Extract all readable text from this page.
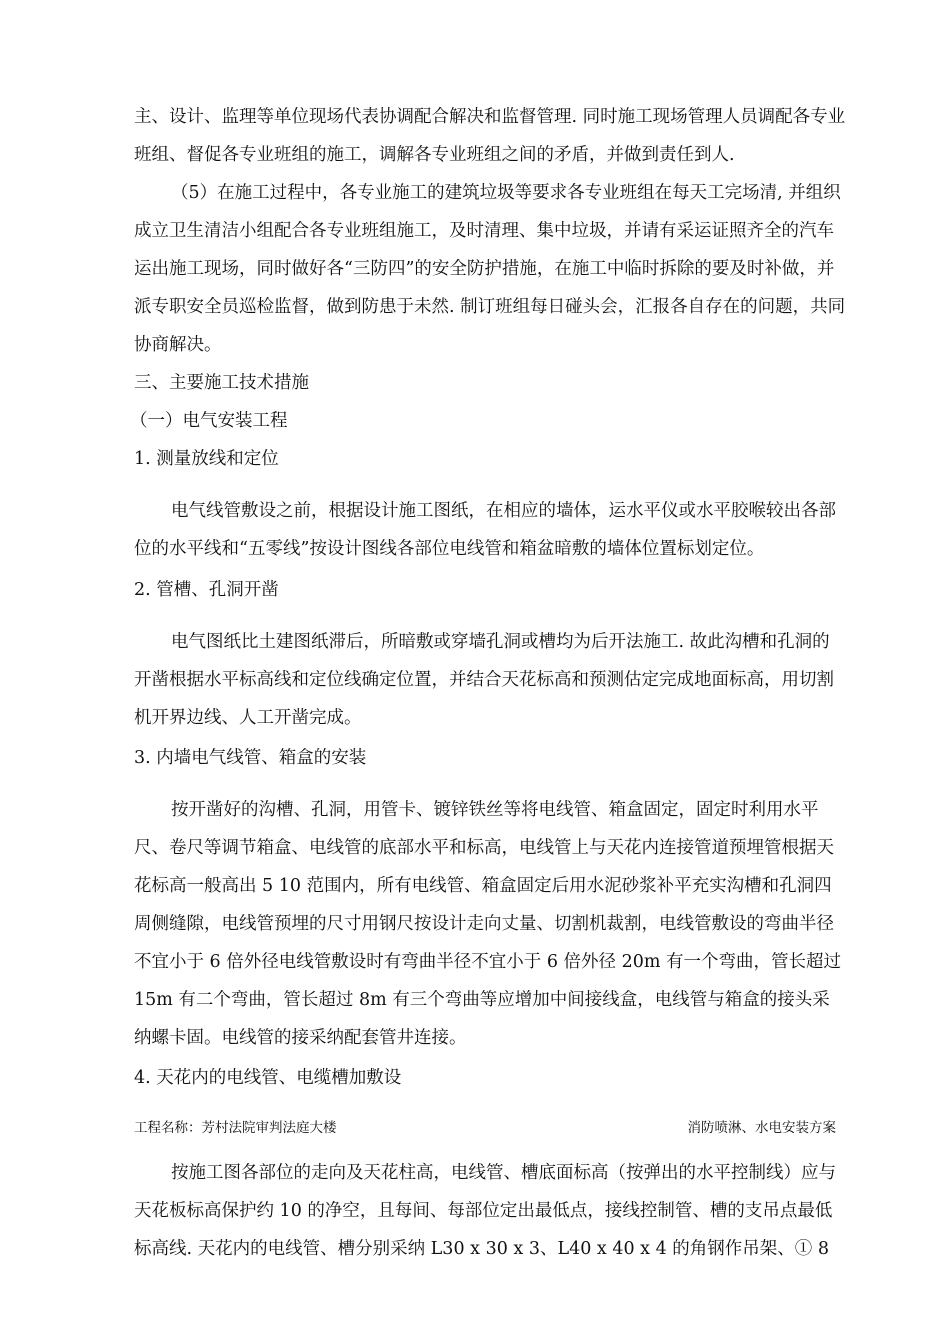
主、设计、监理等单位现场代表协调配合解决和监督管理. 同时施工现场管理人员调配各专业班组、督促各专业班组的施工，调解各专业班组之间的矛盾，并做到责任到人.

（5）在施工过程中，各专业施工的建筑垃圾等要求各专业班组在每天工完场清, 并组织成立卫生清洁小组配合各专业班组施工，及时清理、集中垃圾，并请有采运证照齐全的汽车运出施工现场，同时做好各“三防四”的安全防护措施，在施工中临时拆除的要及时补做，并派专职安全员巡检监督，做到防患于未然. 制订班组每日碰头会，汇报各自存在的问题，共同协商解决。

三、主要施工技术措施

（一）电气安装工程

1. 测量放线和定位

电气线管敷设之前，根据设计施工图纸，在相应的墙体，运水平仪或水平胶喉较出各部位的水平线和“五零线”按设计图线各部位电线管和箱盆暗敷的墙体位置标划定位。

2. 管槽、孔洞开凿

电气图纸比土建图纸滞后，所暗敷或穿墙孔洞或槽均为后开法施工. 故此沟槽和孔洞的开凿根据水平标高线和定位线确定位置，并结合天花标高和预测估定完成地面标高，用切割机开界边线、人工开凿完成。

3. 内墙电气线管、箱盒的安装

按开凿好的沟槽、孔洞，用管卡、镀锌铁丝等将电线管、箱盒固定，固定时利用水平尺、卷尺等调节箱盒、电线管的底部水平和标高，电线管上与天花内连接管道预埋管根据天花标高一般高出 5 10 范围内，所有电线管、箱盒固定后用水泥砂浆补平充实沟槽和孔洞四周侧缝隙，电线管预埋的尺寸用钢尺按设计走向丈量、切割机裁割，电线管敷设的弯曲半径不宜小于 6 倍外径电线管敷设时有弯曲半径不宜小于 6 倍外径 20m 有一个弯曲，管长超过 15m 有二个弯曲，管长超过 8m 有三个弯曲等应增加中间接线盒，电线管与箱盒的接头采纳螺卡固。电线管的接采纳配套管井连接。

4. 天花内的电线管、电缆槽加敷设

工程名称：芳村法院审判法庭大楼	消防喷淋、水电安装方案

按施工图各部位的走向及天花柱高，电线管、槽底面标高（按弹出的水平控制线）应与天花板标高保护约 10 的净空，且每间、每部位定出最低点，接线控制管、槽的支吊点最低标高线. 天花内的电线管、槽分别采纳 L30 x 30 x 3、L40 x 40 x 4 的角钢作吊架、① 8
